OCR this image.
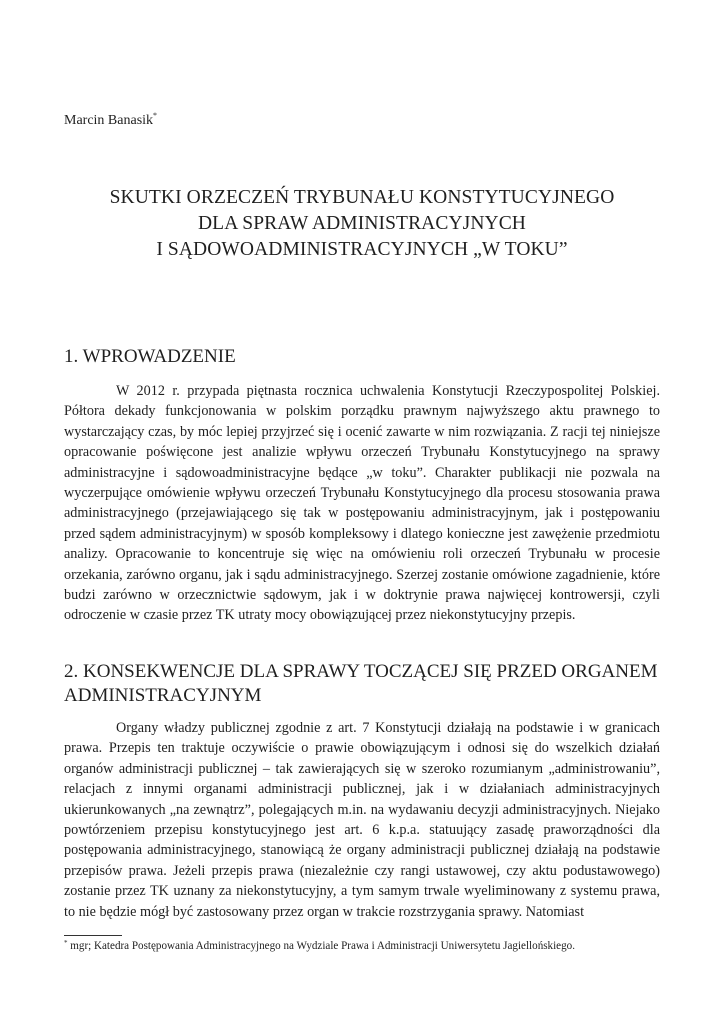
Marcin Banasik*
SKUTKI ORZECZEŃ TRYBUNAŁU KONSTYTUCYJNEGO
DLA SPRAW ADMINISTRACYJNYCH
I SĄDOWOADMINISTRACYJNYCH „W TOKU”
1. WPROWADZENIE
W 2012 r. przypada piętnasta rocznica uchwalenia Konstytucji Rzeczypospolitej Polskiej. Półtora dekady funkcjonowania w polskim porządku prawnym najwyższego aktu prawnego to wystarczający czas, by móc lepiej przyjrzeć się i ocenić zawarte w nim rozwiązania. Z racji tej niniejsze opracowanie poświęcone jest analizie wpływu orzeczeń Trybunału Konstytucyjnego na sprawy administracyjne i sądowoadministracyjne będące „w toku”. Charakter publikacji nie pozwala na wyczerpujące omówienie wpływu orzeczeń Trybunału Konstytucyjnego dla procesu stosowania prawa administracyjnego (przejawiającego się tak w postępowaniu administracyjnym, jak i postępowaniu przed sądem administracyjnym) w sposób kompleksowy i dlatego konieczne jest zawężenie przedmiotu analizy. Opracowanie to koncentruje się więc na omówieniu roli orzeczeń Trybunału w procesie orzekania, zarówno organu, jak i sądu administracyjnego. Szerzej zostanie omówione zagadnienie, które budzi zarówno w orzecznictwie sądowym, jak i w doktrynie prawa najwięcej kontrowersji, czyli odroczenie w czasie przez TK utraty mocy obowiązującej przez niekonstytucyjny przepis.
2. KONSEKWENCJE DLA SPRAWY TOCZĄCEJ SIĘ PRZED ORGANEM
ADMINISTRACYJNYM
Organy władzy publicznej zgodnie z art. 7 Konstytucji działają na podstawie i w granicach prawa. Przepis ten traktuje oczywiście o prawie obowiązującym i odnosi się do wszelkich działań organów administracji publicznej – tak zawierających się w szeroko rozumianym „administrowaniu”, relacjach z innymi organami administracji publicznej, jak i w działaniach administracyjnych ukierunkowanych „na zewnątrz”, polegających m.in. na wydawaniu decyzji administracyjnych. Niejako powtórzeniem przepisu konstytucyjnego jest art. 6 k.p.a. statuujący zasadę praworządności dla postępowania administracyjnego, stanowiącą że organy administracji publicznej działają na podstawie przepisów prawa. Jeżeli przepis prawa (niezależnie czy rangi ustawowej, czy aktu podustawowego) zostanie przez TK uznany za niekonstytucyjny, a tym samym trwale wyeliminowany z systemu prawa, to nie będzie mógł być zastosowany przez organ w trakcie rozstrzygania sprawy. Natomiast
* mgr; Katedra Postępowania Administracyjnego na Wydziale Prawa i Administracji Uniwersytetu Jagiellońskiego.
